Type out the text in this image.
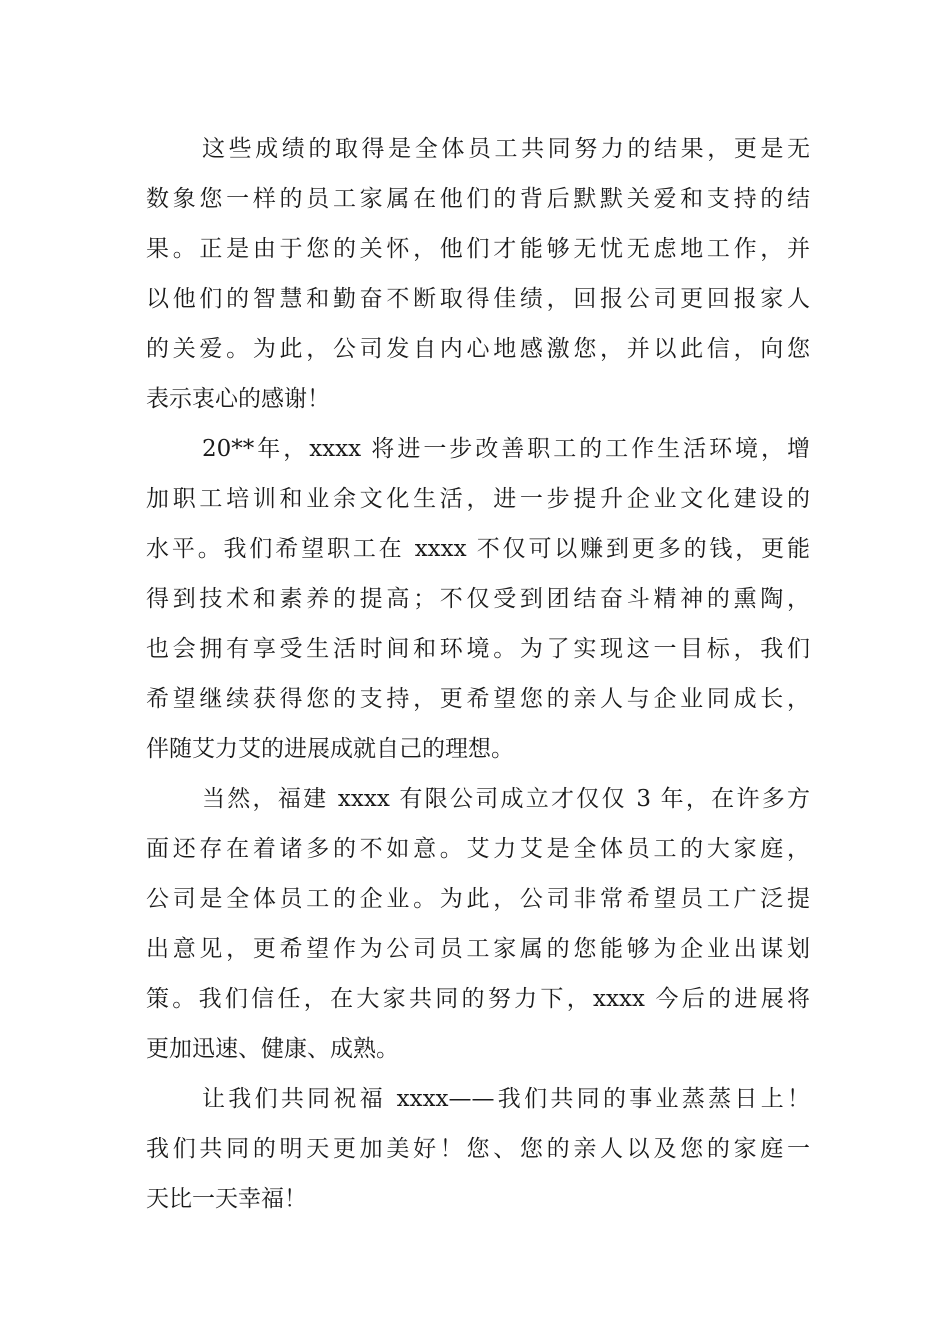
这些成绩的取得是全体员工共同努力的结果，更是无
数象您一样的员工家属在他们的背后默默关爱和支持的结
果。正是由于您的关怀，他们才能够无忧无虑地工作，并
以他们的智慧和勤奋不断取得佳绩，回报公司更回报家人
的关爱。为此，公司发自内心地感激您，并以此信，向您
表示衷心的感谢！
20**年，xxxx 将进一步改善职工的工作生活环境，增
加职工培训和业余文化生活，进一步提升企业文化建设的
水平。我们希望职工在 xxxx 不仅可以赚到更多的钱，更能
得到技术和素养的提高；不仅受到团结奋斗精神的熏陶，
也会拥有享受生活时间和环境。为了实现这一目标，我们
希望继续获得您的支持，更希望您的亲人与企业同成长，
伴随艾力艾的进展成就自己的理想。
当然，福建 xxxx 有限公司成立才仅仅 3 年，在许多方
面还存在着诸多的不如意。艾力艾是全体员工的大家庭，
公司是全体员工的企业。为此，公司非常希望员工广泛提
出意见，更希望作为公司员工家属的您能够为企业出谋划
策。我们信任，在大家共同的努力下，xxxx 今后的进展将
更加迅速、健康、成熟。
让我们共同祝福 xxxx——我们共同的事业蒸蒸日上！
我们共同的明天更加美好！您、您的亲人以及您的家庭一
天比一天幸福！
